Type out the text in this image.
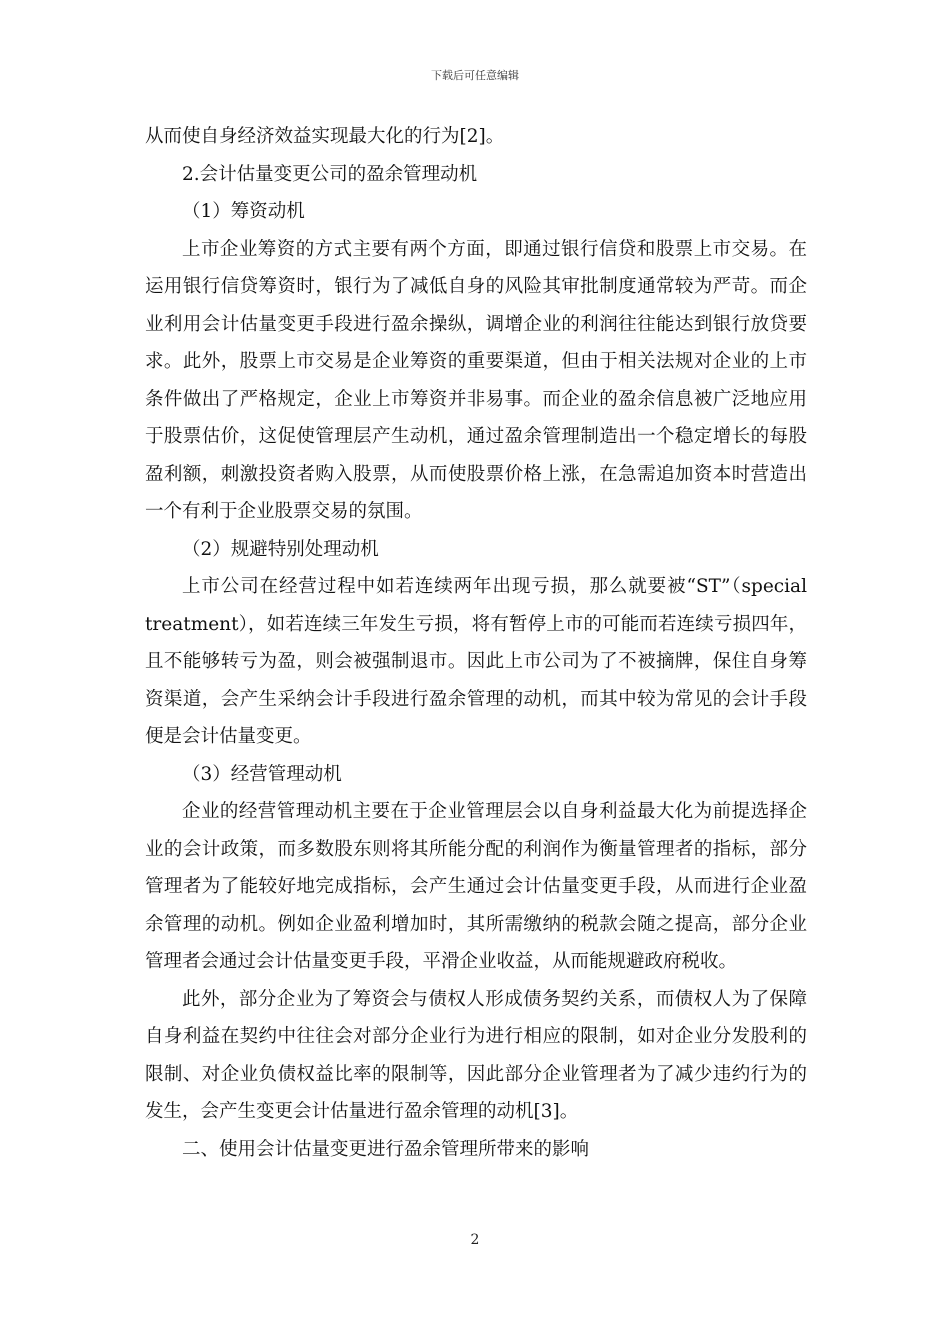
下载后可任意编辑

从而使自身经济效益实现最大化的行为[2]。

2.会计估量变更公司的盈余管理动机

（1）筹资动机

上市企业筹资的方式主要有两个方面，即通过银行信贷和股票上市交易。在运用银行信贷筹资时，银行为了减低自身的风险其审批制度通常较为严苛。而企业利用会计估量变更手段进行盈余操纵，调增企业的利润往往能达到银行放贷要求。此外，股票上市交易是企业筹资的重要渠道，但由于相关法规对企业的上市条件做出了严格规定，企业上市筹资并非易事。而企业的盈余信息被广泛地应用于股票估价，这促使管理层产生动机，通过盈余管理制造出一个稳定增长的每股盈利额，刺激投资者购入股票，从而使股票价格上涨，在急需追加资本时营造出一个有利于企业股票交易的氛围。

（2）规避特别处理动机

上市公司在经营过程中如若连续两年出现亏损，那么就要被“ST”（special treatment），如若连续三年发生亏损，将有暂停上市的可能而若连续亏损四年，且不能够转亏为盈，则会被强制退市。因此上市公司为了不被摘牌，保住自身筹资渠道，会产生采纳会计手段进行盈余管理的动机，而其中较为常见的会计手段便是会计估量变更。

（3）经营管理动机

企业的经营管理动机主要在于企业管理层会以自身利益最大化为前提选择企业的会计政策，而多数股东则将其所能分配的利润作为衡量管理者的指标，部分管理者为了能较好地完成指标，会产生通过会计估量变更手段，从而进行企业盈余管理的动机。例如企业盈利增加时，其所需缴纳的税款会随之提高，部分企业管理者会通过会计估量变更手段，平滑企业收益，从而能规避政府税收。

此外，部分企业为了筹资会与债权人形成债务契约关系，而债权人为了保障自身利益在契约中往往会对部分企业行为进行相应的限制，如对企业分发股利的限制、对企业负债权益比率的限制等，因此部分企业管理者为了减少违约行为的发生，会产生变更会计估量进行盈余管理的动机[3]。

二、使用会计估量变更进行盈余管理所带来的影响

2
